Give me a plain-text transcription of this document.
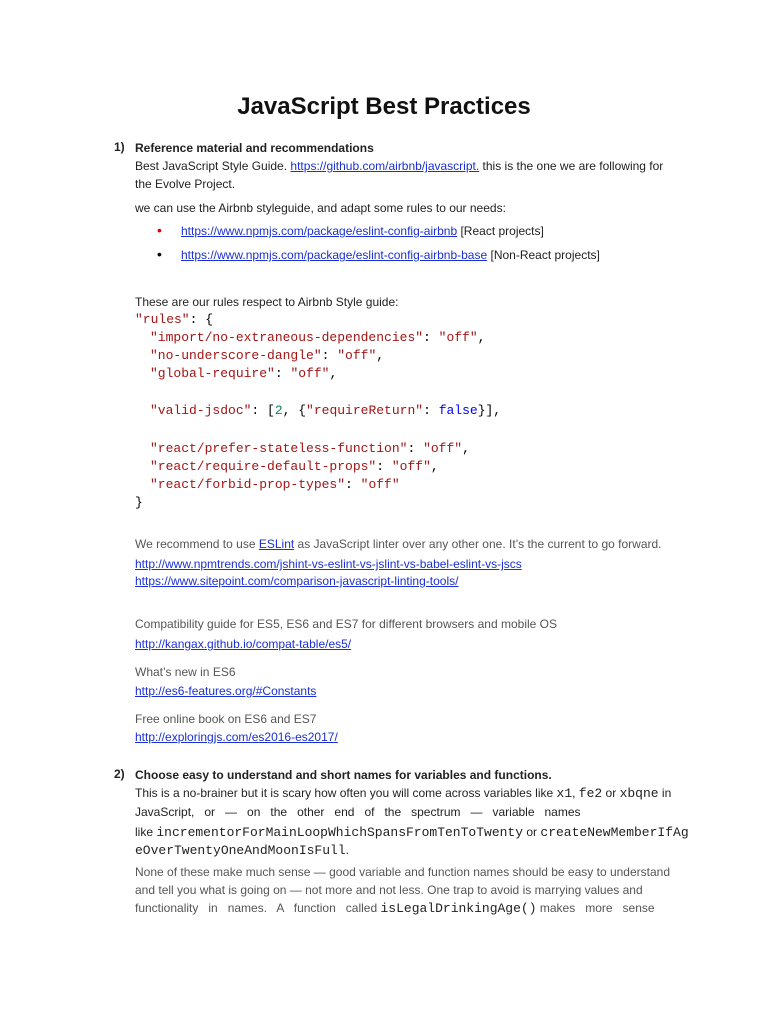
JavaScript Best Practices
1) Reference material and recommendations
Best JavaScript Style Guide. https://github.com/airbnb/javascript. this is the one we are following for
the Evolve Project.
we can use the Airbnb styleguide, and adapt some rules to our needs:
• https://www.npmjs.com/package/eslint-config-airbnb [React projects]
• https://www.npmjs.com/package/eslint-config-airbnb-base [Non-React projects]
These are our rules respect to Airbnb Style guide:
"rules": {
"import/no-extraneous-dependencies": "off",
"no-underscore-dangle": "off",
"global-require": "off",
"valid-jsdoc": [2, {"requireReturn": false}],
"react/prefer-stateless-function": "off",
"react/require-default-props": "off",
"react/forbid-prop-types": "off"
}
We recommend to use ESLint as JavaScript linter over any other one. It’s the current to go forward.
http://www.npmtrends.com/jshint-vs-eslint-vs-jslint-vs-babel-eslint-vs-jscs
https://www.sitepoint.com/comparison-javascript-linting-tools/
Compatibility guide for ES5, ES6 and ES7 for different browsers and mobile OS
http://kangax.github.io/compat-table/es5/
What’s new in ES6
http://es6-features.org/#Constants
Free online book on ES6 and ES7
http://exploringjs.com/es2016-es2017/
2) Choose easy to understand and short names for variables and functions.
This is a no-brainer but it is scary how often you will come across variables like x1, fe2 or xbqne in
JavaScript,   or   —   on   the   other   end   of   the   spectrum   —   variable   names
like incrementorForMainLoopWhichSpansFromTenToTwenty or createNewMemberIfAg
eOverTwentyOneAndMoonIsFull.
None of these make much sense — good variable and function names should be easy to understand
and tell you what is going on — not more and not less. One trap to avoid is marrying values and
functionality   in   names.   A   function   called isLegalDrinkingAge() makes   more   sense
